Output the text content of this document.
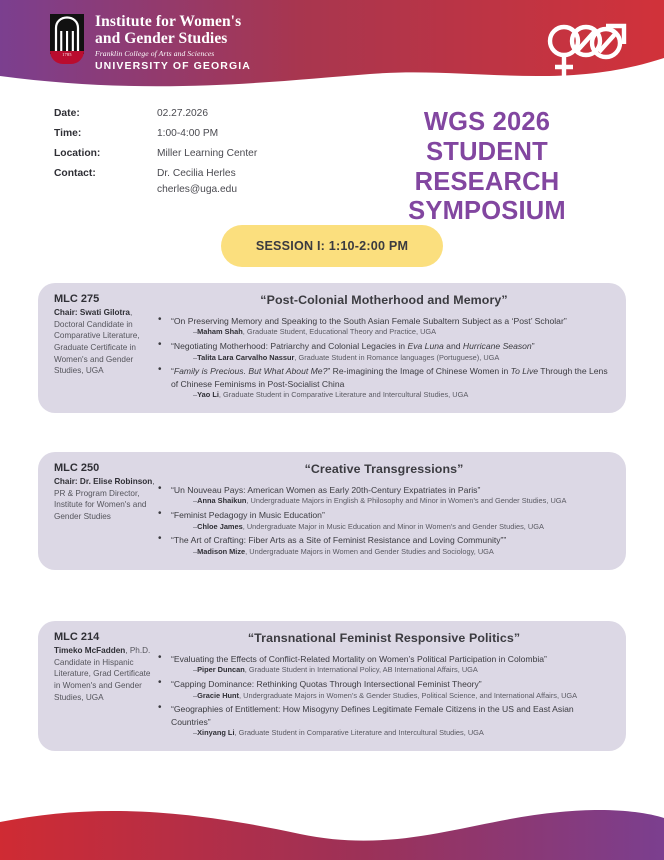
1785
Institute for Women's
and Gender Studies
Franklin College of Arts and Sciences
UNIVERSITY OF GEORGIA
Date:	02.27.2026
Time:	1:00-4:00 PM
Location:	Miller Learning Center
Contact:	Dr. Cecilia Herles
cherles@uga.edu
WGS 2026
STUDENT
RESEARCH
SYMPOSIUM
SESSION I: 1:10-2:00 PM
MLC 275
Chair: Swati Gilotra, Doctoral Candidate in Comparative Literature, Graduate Certificate in Women's and Gender Studies, UGA
“Post-Colonial Motherhood and Memory”
• “On Preserving Memory and Speaking to the South Asian Female Subaltern Subject as a ‘Post’ Scholar”
–Maham Shah, Graduate Student, Educational Theory and Practice, UGA
• “Negotiating Motherhood: Patriarchy and Colonial Legacies in Eva Luna and Hurricane Season”
–Talita Lara Carvalho Nassur, Graduate Student in Romance languages (Portuguese), UGA
• “Family is Precious. But What About Me?” Re-imagining the Image of Chinese Women in To Live Through the Lens of Chinese Feminisms in Post-Socialist China
–Yao Li, Graduate Student in Comparative Literature and Intercultural Studies, UGA
MLC 250
Chair: Dr. Elise Robinson, PR & Program Director, Institute for Women's and Gender Studies
“Creative Transgressions”
• “Un Nouveau Pays: American Women as Early 20th-Century Expatriates in Paris”
–Anna Shaikun, Undergraduate Majors in English & Philosophy and Minor in Women's and Gender Studies, UGA
• “Feminist Pedagogy in Music Education”
–Chloe James, Undergraduate Major in Music Education and Minor in Women's and Gender Studies, UGA
• “The Art of Crafting: Fiber Arts as a Site of Feminist Resistance and Loving Community””
–Madison Mize, Undergraduate Majors in Women and Gender Studies and Sociology, UGA
MLC 214
Timeko McFadden, Ph.D. Candidate in Hispanic Literature, Grad Certificate in Women's and Gender Studies, UGA
“Transnational Feminist Responsive Politics”
• “Evaluating the Effects of Conflict-Related Mortality on Women’s Political Participation in Colombia”
–Piper Duncan, Graduate Student in International Policy, AB International Affairs, UGA
• “Capping Dominance: Rethinking Quotas Through Intersectional Feminist Theory”
–Gracie Hunt, Undergraduate Majors in Women’s & Gender Studies, Political Science, and International Affairs, UGA
• “Geographies of Entitlement: How Misogyny Defines Legitimate Female Citizens in the US and East Asian Countries”
–Xinyang Li, Graduate Student in Comparative Literature and Intercultural Studies, UGA
